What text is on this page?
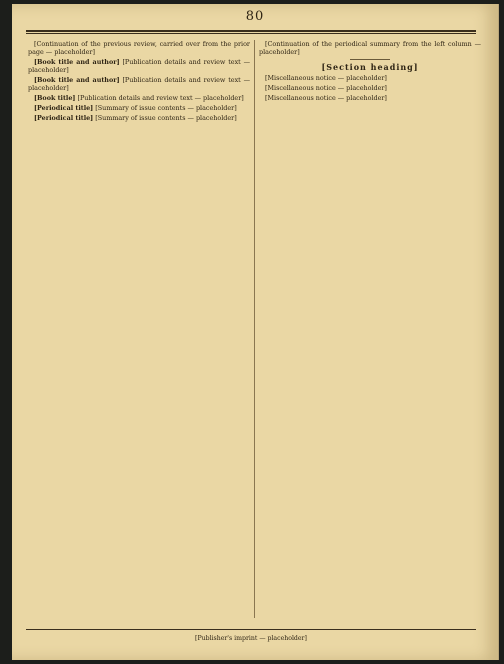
80

[Continuation of the previous review, carried over from the prior page — placeholder]

[Book title and author] [Publication details and review text — placeholder]

[Book title and author] [Publication details and review text — placeholder]

[Book title] [Publication details and review text — placeholder]

[Periodical title] [Summary of issue contents — placeholder]

[Periodical title] [Summary of issue contents — placeholder]

[Continuation of the periodical summary from the left column — placeholder]

[Section heading]

[Miscellaneous notice — placeholder]

[Miscellaneous notice — placeholder]

[Miscellaneous notice — placeholder]

[Publisher's imprint — placeholder]
